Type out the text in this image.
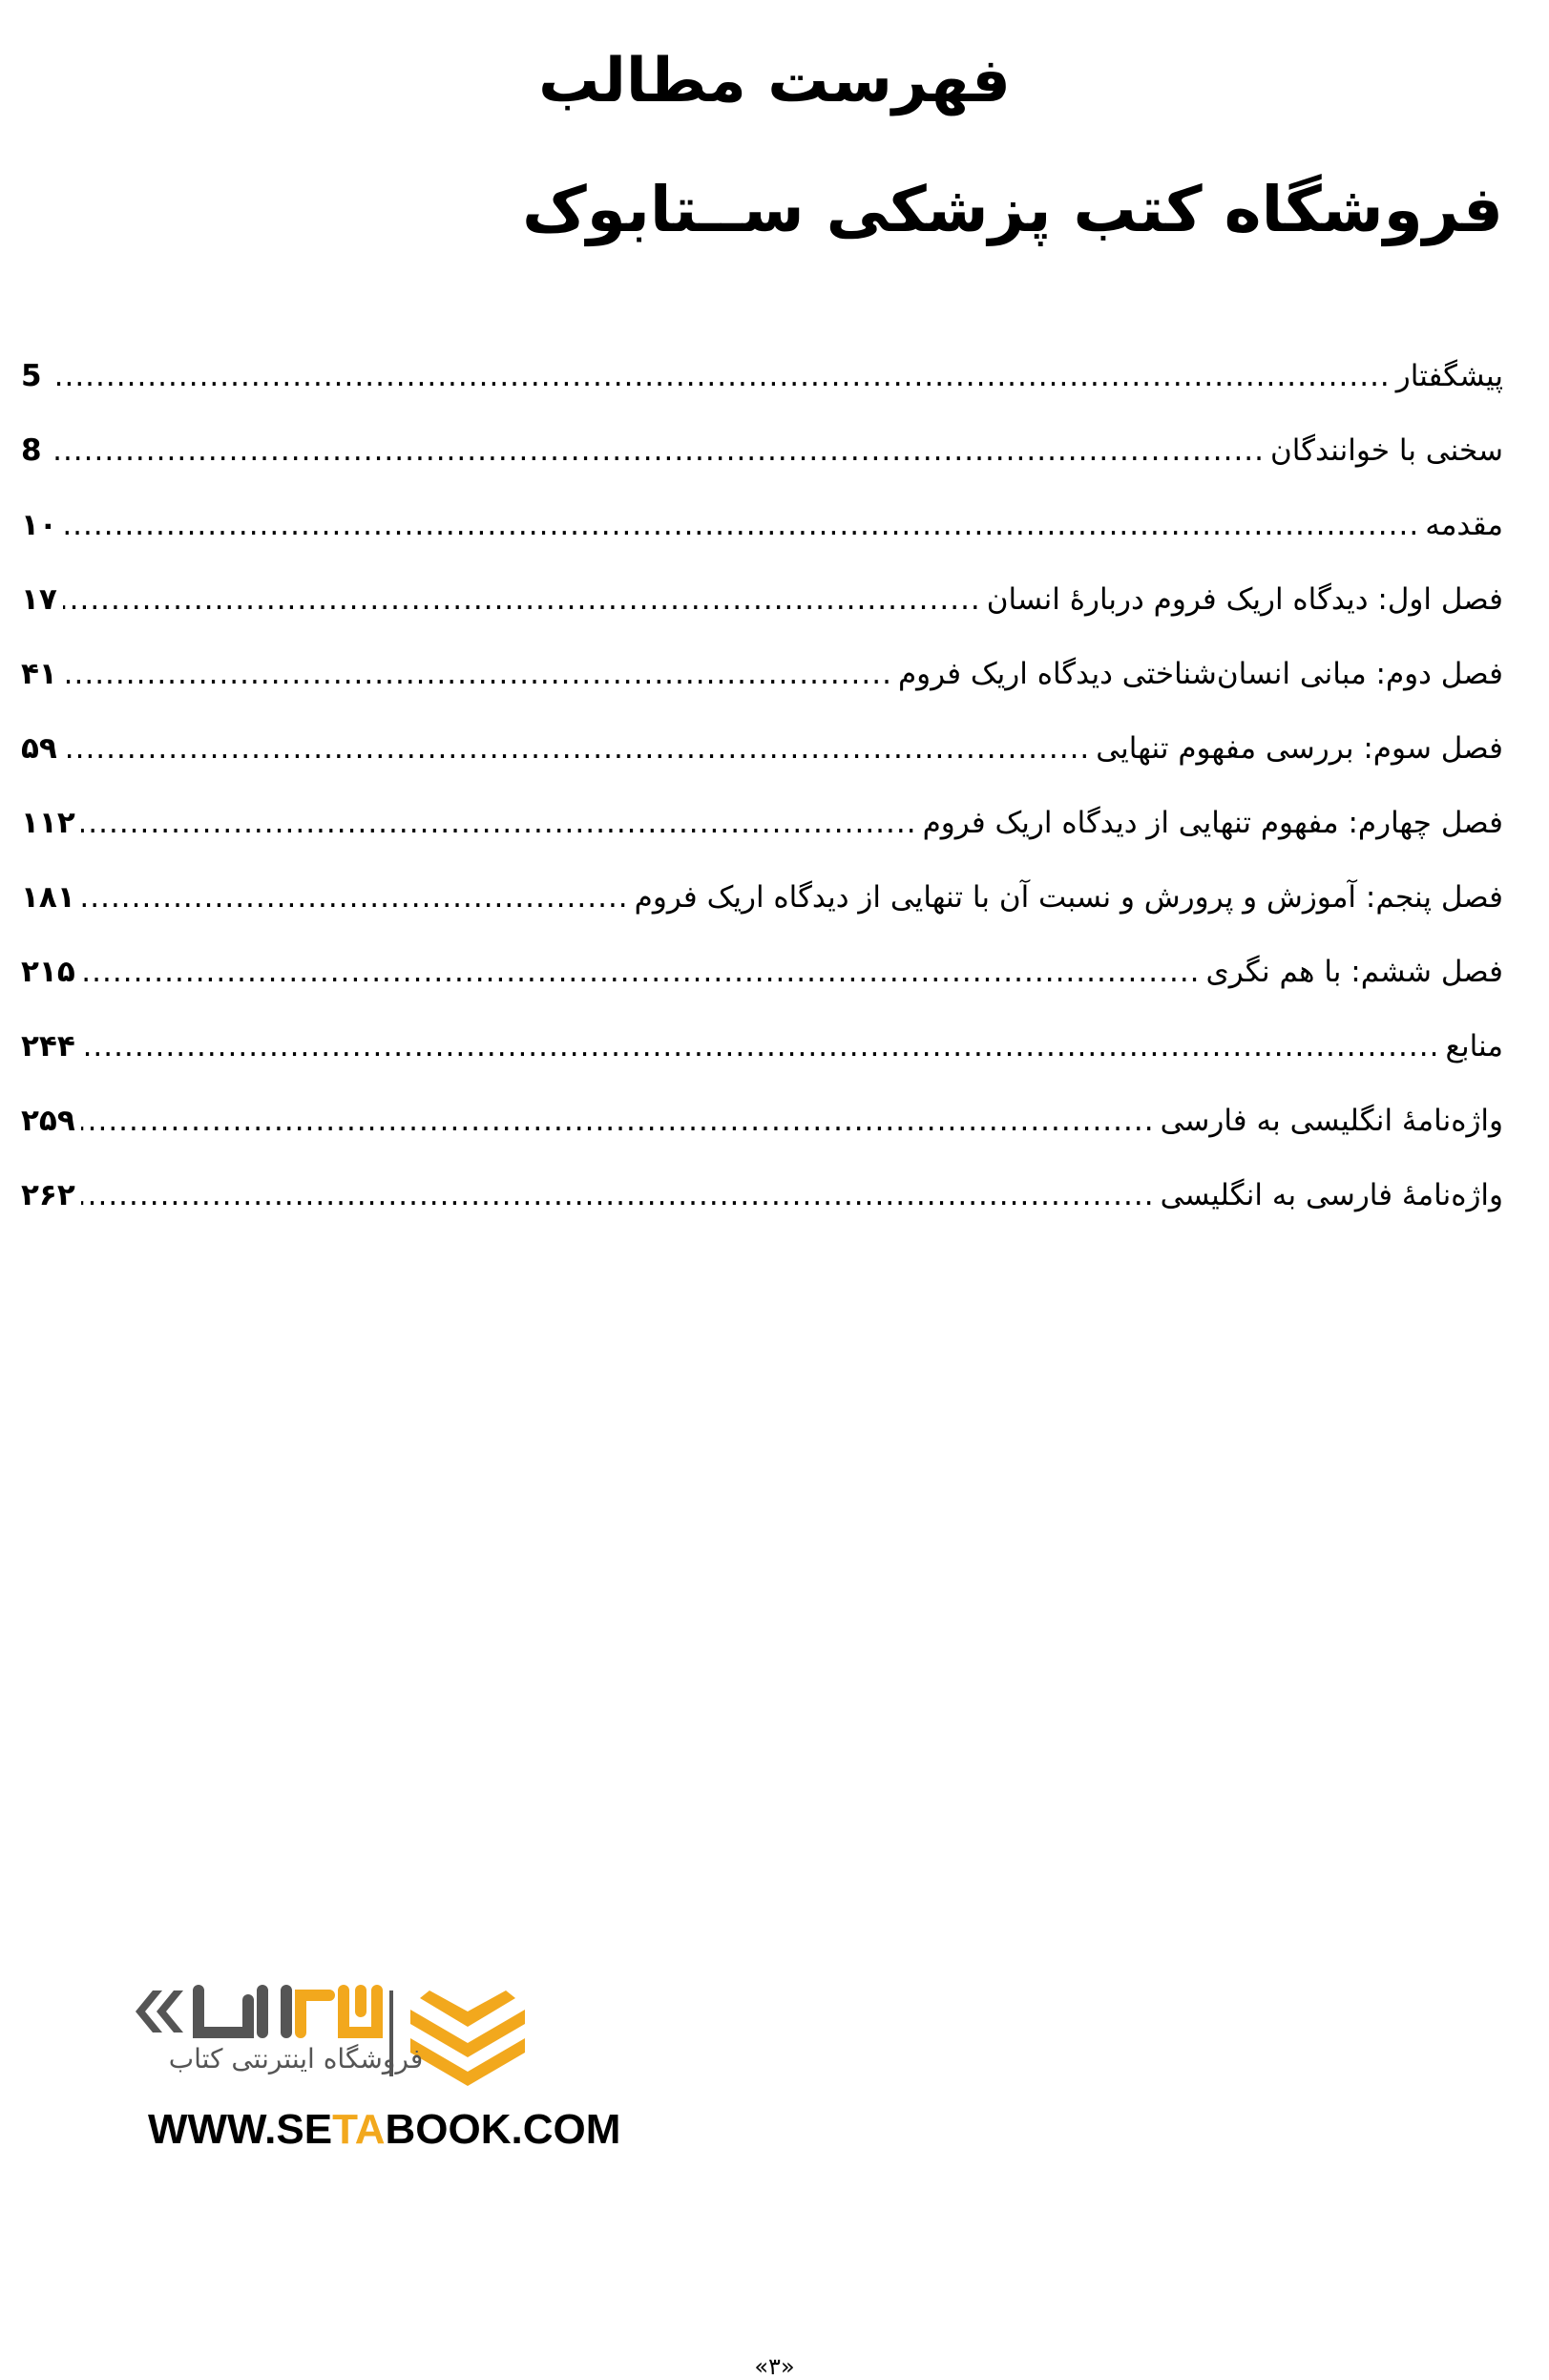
فهرست مطالب
فروشگاه کتب پزشکی ســتابوک
پیشگفتار
.....
5
سخنی با خوانندگان
.....
8
مقدمه
.....
۱۰
فصل اول: دیدگاه اریک فروم دربارۀ انسان
.....
۱۷
فصل دوم: مبانی انسان‌شناختی دیدگاه اریک فروم
.....
۴۱
فصل سوم: بررسی مفهوم تنهایی
.....
۵۹
فصل چهارم: مفهوم تنهایی از دیدگاه اریک فروم
.....
۱۱۲
فصل پنجم: آموزش و پرورش و نسبت آن با تنهایی از دیدگاه اریک فروم
.....
۱۸۱
فصل ششم: با هم نگری
.....
۲۱۵
منابع
.....
۲۴۴
واژه‌نامۀ انگلیسی به فارسی
.....
۲۵۹
واژه‌نامۀ فارسی به انگلیسی
.....
۲۶۲
فروشگاه اینترنتی کتاب
WWW.SETABOOK.COM
«۳»
